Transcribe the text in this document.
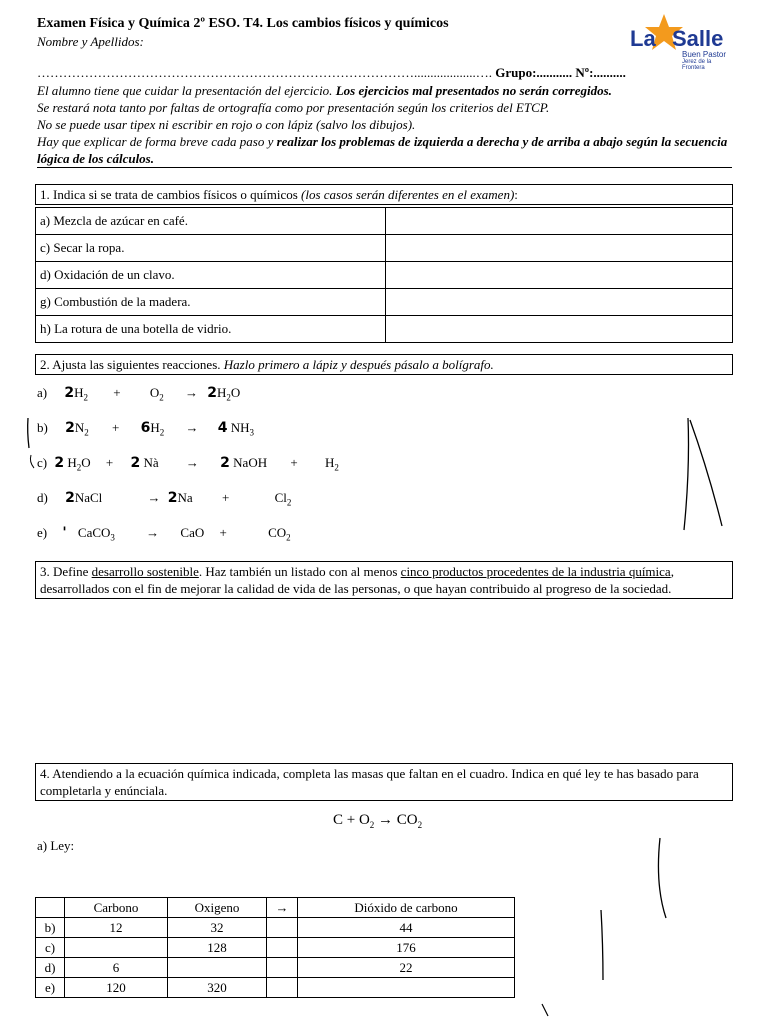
Examen Física y Química 2º ESO. T4. Los cambios físicos y químicos
Nombre y Apellidos:	La Salle
Buen Pastor
Jerez de la Frontera
……………………………………………………………………………...................…. Grupo:........... Nº:..........
El alumno tiene que cuidar la presentación del ejercicio. Los ejercicios mal presentados no serán corregidos.
Se restará nota tanto por faltas de ortografía como por presentación según los criterios del ETCP.
No se puede usar tipex ni escribir en rojo o con lápiz (salvo los dibujos).
Hay que explicar de forma breve cada paso y realizar los problemas de izquierda a derecha y de arriba a abajo según la secuencia lógica de los cálculos.
1. Indica si se trata de cambios físicos o químicos (los casos serán diferentes en el examen):
a) Mezcla de azúcar en café.	
c) Secar la ropa.	
d) Oxidación de un clavo.	
g) Combustión de la madera.	
h) La rotura de una botella de vidrio.	
2. Ajusta las siguientes reacciones. Hazlo primero a lápiz y después pásalo a bolígrafo.
a) $2H_2 + O_2 \to 2H_2O$
b) $2N_2 + 6H_2 \to 4$ $NH_3$
c) 2 $H_2O + 2$ Nà → 2 NaOH + $H_2$
d) 2NaCl	→ 2Na +	$Cl_2$
e) ' CaCO$_3$ → CaO +	$CO_2$
3. Define desarrollo sostenible. Haz también un listado con al menos cinco productos procedentes de la industria química, desarrollados con el fin de mejorar la calidad de vida de las personas, o que hayan contribuido al progreso de la sociedad.
4. Atendiendo a la ecuación química indicada, completa las masas que faltan en el cuadro. Indica en qué ley te has basado para completarla y enúnciala.
$C + O_2 \to CO_2$
a) Ley:
	Carbono	Oxigeno	→	Dióxido de carbono
b)	12	32		44
c)		128		176
d)	6			22
e)	120	320		
